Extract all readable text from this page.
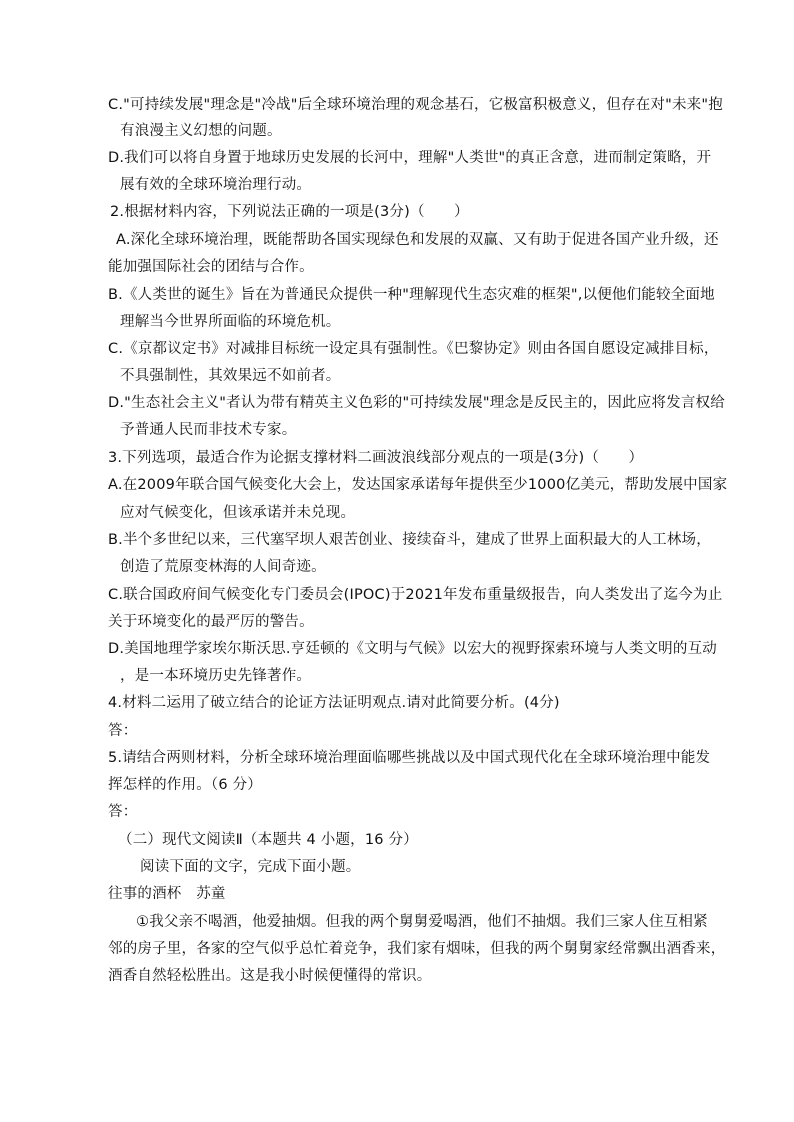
C."可持续发展"理念是"冷战"后全球环境治理的观念基石，它极富积极意义，但存在对"未来"抱
有浪漫主义幻想的问题。
D.我们可以将自身置于地球历史发展的长河中，理解"人类世"的真正含意，进而制定策略，开
展有效的全球环境治理行动。
2.根据材料内容，下列说法正确的一项是(3分)（　　）
A.深化全球环境治理，既能帮助各国实现绿色和发展的双赢、又有助于促进各国产业升级，还
能加强国际社会的团结与合作。
B.《人类世的诞生》旨在为普通民众提供一种"理解现代生态灾难的框架",以便他们能较全面地
理解当今世界所面临的环境危机。
C.《京都议定书》对减排目标统一设定具有强制性。《巴黎协定》则由各国自愿设定减排目标，
不具强制性，其效果远不如前者。
D."生态社会主义"者认为带有精英主义色彩的"可持续发展"理念是反民主的，因此应将发言权给
予普通人民而非技术专家。
3.下列选项，最适合作为论据支撑材料二画波浪线部分观点的一项是(3分)（　　）
A.在2009年联合国气候变化大会上，发达国家承诺每年提供至少1000亿美元，帮助发展中国家
应对气候变化，但该承诺并未兑现。
B.半个多世纪以来，三代塞罕坝人艰苦创业、接续奋斗，建成了世界上面积最大的人工林场，
创造了荒原变林海的人间奇迹。
C.联合国政府间气候变化专门委员会(IPOC)于2021年发布重量级报告，向人类发出了迄今为止
关于环境变化的最严厉的警告。
D.美国地理学家埃尔斯沃思.亨廷顿的《文明与气候》以宏大的视野探索环境与人类文明的互动
，是一本环境历史先锋著作。
4.材料二运用了破立结合的论证方法证明观点.请对此简要分析。(4分)
答：
5.请结合两则材料，分析全球环境治理面临哪些挑战以及中国式现代化在全球环境治理中能发
挥怎样的作用。（6 分）
答：
（二）现代文阅读Ⅱ（本题共 4 小题，16 分）
阅读下面的文字，完成下面小题。
往事的酒杯　苏童
①我父亲不喝酒，他爱抽烟。但我的两个舅舅爱喝酒，他们不抽烟。我们三家人住互相紧
邻的房子里，各家的空气似乎总忙着竞争，我们家有烟味，但我的两个舅舅家经常飘出酒香来，
酒香自然轻松胜出。这是我小时候便懂得的常识。
